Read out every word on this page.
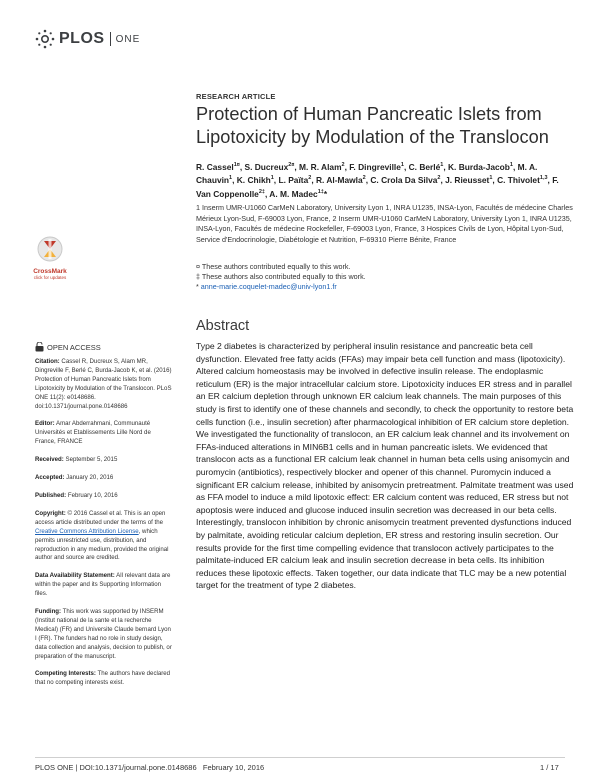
PLOS ONE
CrossMark
click for updates
RESEARCH ARTICLE
Protection of Human Pancreatic Islets from Lipotoxicity by Modulation of the Translocon
R. Cassel$^{1¤}$, S. Ducreux$^{2¤}$, M. R. Alam$^2$, F. Dingreville$^1$, C. Berlé$^1$, K. Burda-Jacob$^1$, M. A. Chauvin$^1$, K. Chikh$^1$, L. Païta$^2$, R. Al-Mawla$^2$, C. Crola Da Silva$^2$, J. Rieusset$^1$, C. Thivolet$^{1,3}$, F. Van Coppenolle$^{2\ddagger}$, A. M. Madec$^{1\ddagger}$*
1 Inserm UMR-U1060 CarMeN Laboratory, University Lyon 1, INRA U1235, INSA-Lyon, Facultés de médecine Charles Mérieux Lyon-Sud, F-69003 Lyon, France, 2 Inserm UMR-U1060 CarMeN Laboratory, University Lyon 1, INRA U1235, INSA-Lyon, Facultés de médecine Rockefeller, F-69003 Lyon, France, 3 Hospices Civils de Lyon, Hôpital Lyon-Sud, Service d'Endocrinologie, Diabétologie et Nutrition, F-69310 Pierre Bénite, France
¤ These authors contributed equally to this work.
‡ These authors also contributed equally to this work.
* anne-marie.coquelet-madec@univ-lyon1.fr
Abstract
Type 2 diabetes is characterized by peripheral insulin resistance and pancreatic beta cell dysfunction. Elevated free fatty acids (FFAs) may impair beta cell function and mass (lipotoxicity). Altered calcium homeostasis may be involved in defective insulin release. The endoplasmic reticulum (ER) is the major intracellular calcium store. Lipotoxicity induces ER stress and in parallel an ER calcium depletion through unknown ER calcium leak channels. The main purposes of this study is first to identify one of these channels and secondly, to check the opportunity to restore beta cells function (i.e., insulin secretion) after pharmacological inhibition of ER calcium store depletion. We investigated the functionality of translocon, an ER calcium leak channel and its involvement on FFAs-induced alterations in MIN6B1 cells and in human pancreatic islets. We evidenced that translocon acts as a functional ER calcium leak channel in human beta cells using anisomycin and puromycin (antibiotics), respectively blocker and opener of this channel. Puromycin induced a significant ER calcium release, inhibited by anisomycin pretreatment. Palmitate treatment was used as FFA model to induce a mild lipotoxic effect: ER calcium content was reduced, ER stress but not apoptosis were induced and glucose induced insulin secretion was decreased in our beta cells. Interestingly, translocon inhibition by chronic anisomycin treatment prevented dysfunctions induced by palmitate, avoiding reticular calcium depletion, ER stress and restoring insulin secretion. Our results provide for the first time compelling evidence that translocon actively participates to the palmitate-induced ER calcium leak and insulin secretion decrease in beta cells. Its inhibition reduces these lipotoxic effects. Taken together, our data indicate that TLC may be a new potential target for the treatment of type 2 diabetes.
OPEN ACCESS

Citation: Cassel R, Ducreux S, Alam MR, Dingreville F, Berlé C, Burda-Jacob K, et al. (2016) Protection of Human Pancreatic Islets from Lipotoxicity by Modulation of the Translocon. PLoS ONE 11(2): e0148686. doi:10.1371/journal.pone.0148686

Editor: Amar Abderrahmani, Communauté Universités et Etablissements Lille Nord de France, FRANCE

Received: September 5, 2015

Accepted: January 20, 2016

Published: February 10, 2016

Copyright: © 2016 Cassel et al. This is an open access article distributed under the terms of the Creative Commons Attribution License, which permits unrestricted use, distribution, and reproduction in any medium, provided the original author and source are credited.

Data Availability Statement: All relevant data are within the paper and its Supporting Information files.

Funding: This work was supported by INSERM (Institut national de la sante et la recherche Medical) (FR) and Universite Claude bernard Lyon I (FR). The funders had no role in study design, data collection and analysis, decision to publish, or preparation of the manuscript.

Competing Interests: The authors have declared that no competing interests exist.

PLOS ONE | DOI:10.1371/journal.pone.0148686   February 10, 2016	1 / 17
